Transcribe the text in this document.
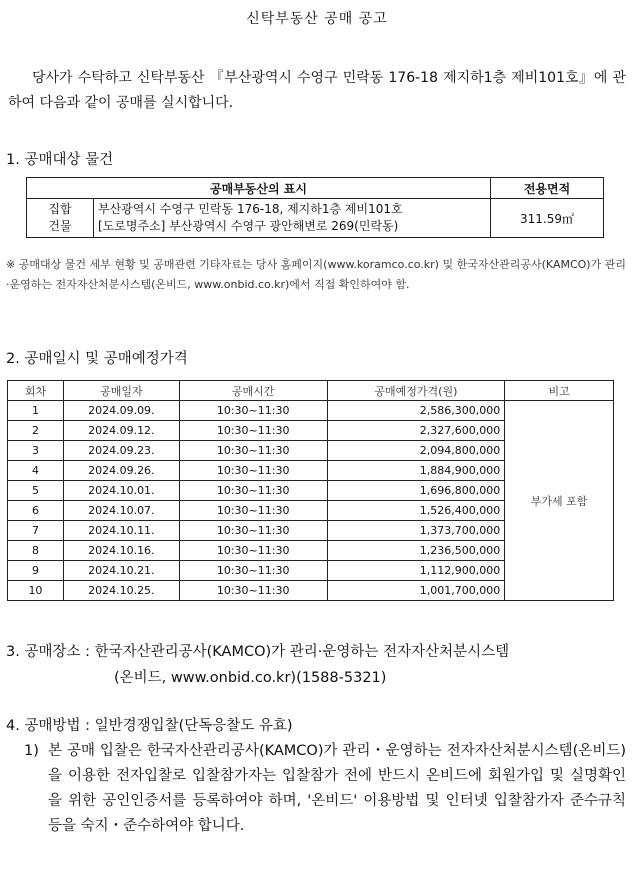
신탁부동산 공매 공고
당사가 수탁하고 신탁부동산 『부산광역시 수영구 민락동 176-18 제지하1층 제비101호』에 관하여 다음과 같이 공매를 실시합니다.
1. 공매대상 물건
공매부동산의 표시		전용면적
집합
건물	부산광역시 수영구 민락동 176-18, 제지하1층 제비101호
[도로명주소] 부산광역시 수영구 광안해변로 269(민락동)	311.59㎡
※ 공매대상 물건 세부 현황 및 공매관련 기타자료는 당사 홈페이지(www.koramco.co.kr) 및 한국자산관리공사(KAMCO)가 관리·운영하는 전자자산처분시스템(온비드, www.onbid.co.kr)에서 직접 확인하여야 함.
2. 공매일시 및 공매예정가격
회차	공매일자	공매시간	공매예정가격(원)	비고
1	2024.09.09.	10:30~11:30	2,586,300,000	부가세 포함
2	2024.09.12.	10:30~11:30	2,327,600,000	
3	2024.09.23.	10:30~11:30	2,094,800,000	
4	2024.09.26.	10:30~11:30	1,884,900,000	
5	2024.10.01.	10:30~11:30	1,696,800,000	
6	2024.10.07.	10:30~11:30	1,526,400,000	
7	2024.10.11.	10:30~11:30	1,373,700,000	
8	2024.10.16.	10:30~11:30	1,236,500,000	
9	2024.10.21.	10:30~11:30	1,112,900,000	
10	2024.10.25.	10:30~11:30	1,001,700,000	
3. 공매장소 : 한국자산관리공사(KAMCO)가 관리·운영하는 전자자산처분시스템
(온비드, www.onbid.co.kr)(1588-5321)
4. 공매방법 : 일반경쟁입찰(단독응찰도 유효)
1) 본 공매 입찰은 한국자산관리공사(KAMCO)가 관리・운영하는 전자자산처분시스템(온비드)을 이용한 전자입찰로 입찰참가자는 입찰참가 전에 반드시 온비드에 회원가입 및 실명확인을 위한 공인인증서를 등록하여야 하며, '온비드' 이용방법 및 인터넷 입찰참가자 준수규칙 등을 숙지・준수하여야 합니다.
